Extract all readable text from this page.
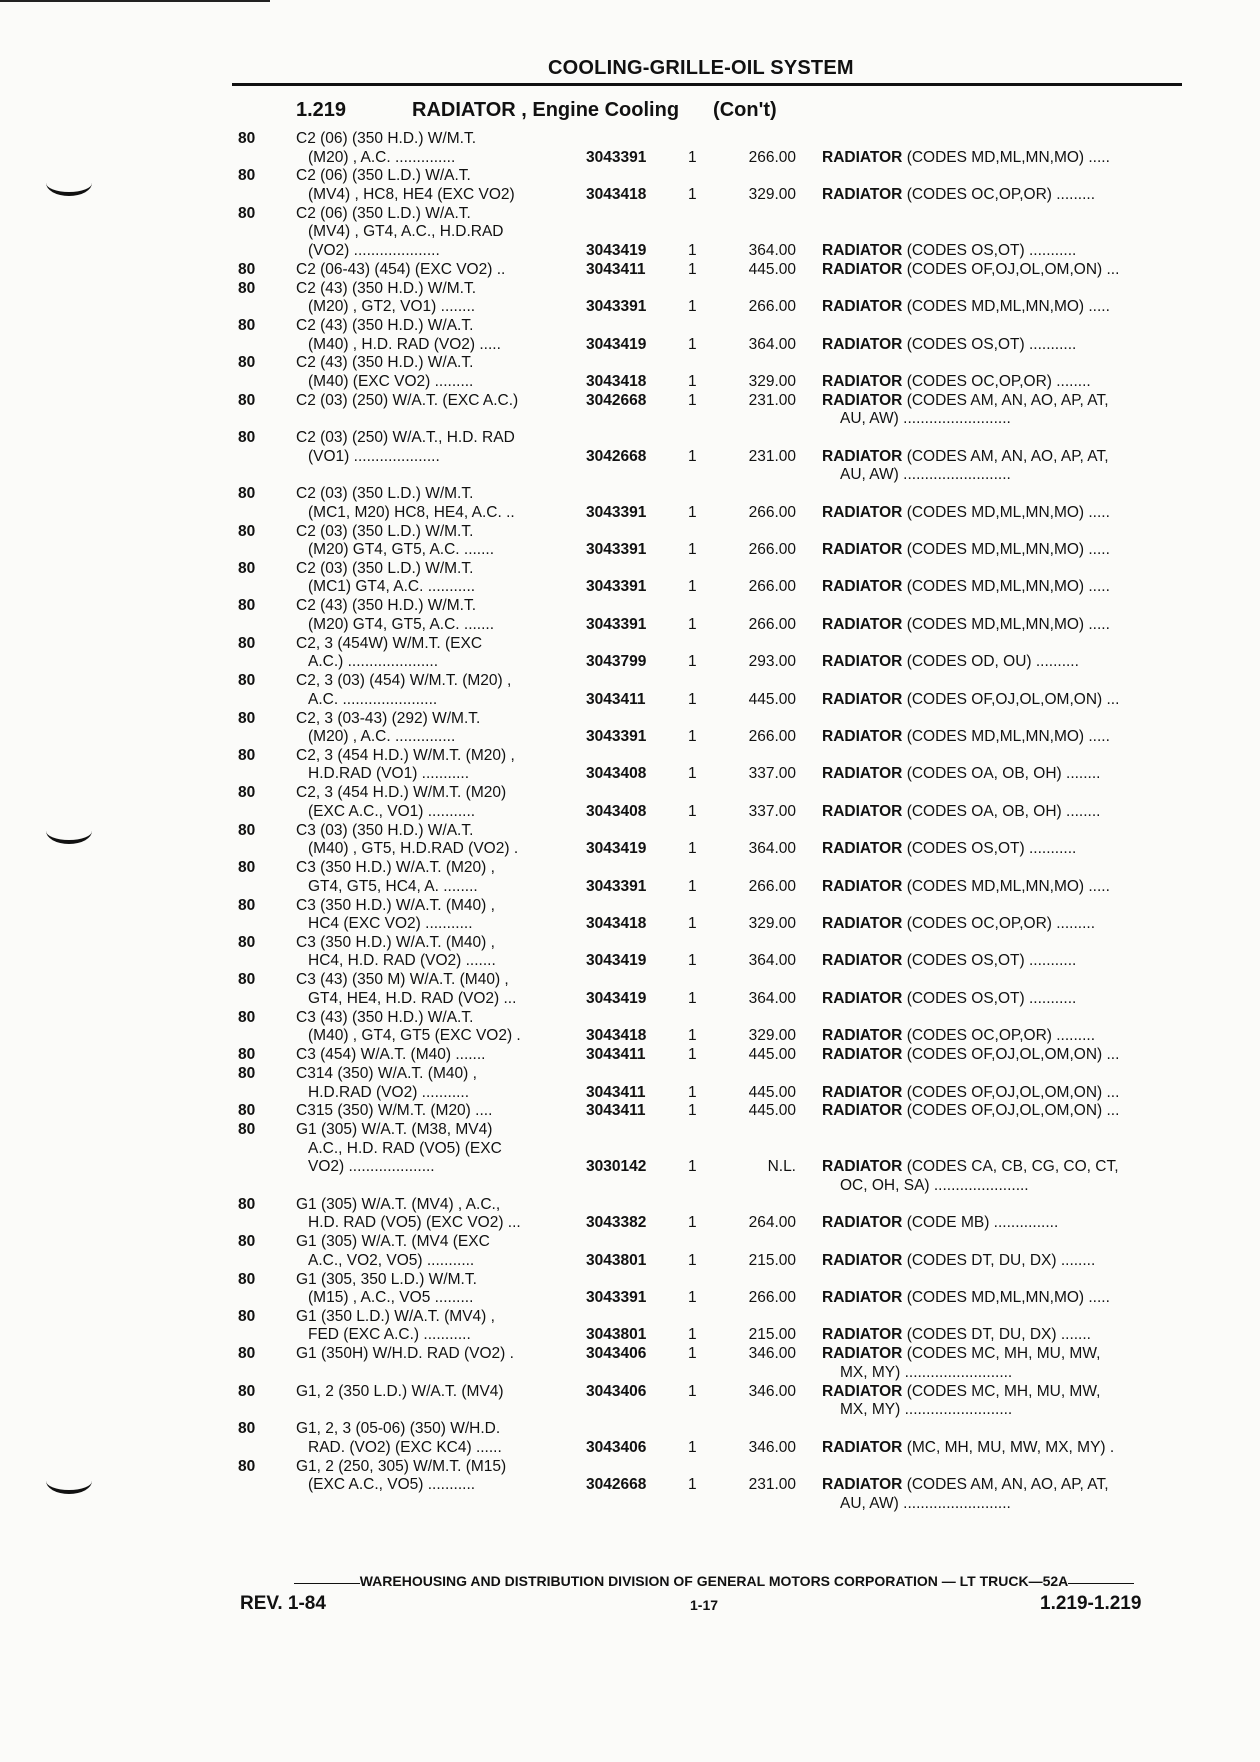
COOLING-GRILLE-OIL SYSTEM
1.219	RADIATOR , Engine Cooling (Con't)
80	C2 (06) (350 H.D.) W/M.T.
(M20) , A.C. ..............	3043391	1	266.00 RADIATOR (CODES MD,ML,MN,MO) .....
80	C2 (06) (350 L.D.) W/A.T.
(MV4) , HC8, HE4 (EXC VO2)	3043418	1	329.00 RADIATOR (CODES OC,OP,OR) .........
80	C2 (06) (350 L.D.) W/A.T.
(MV4) , GT4, A.C., H.D.RAD
(VO2) ....................	3043419	1	364.00 RADIATOR (CODES OS,OT) ...........
80	C2 (06-43) (454) (EXC VO2) ..	3043411	1	445.00 RADIATOR (CODES OF,OJ,OL,OM,ON) ...
80	C2 (43) (350 H.D.) W/M.T.
(M20) , GT2, VO1) ........	3043391	1	266.00 RADIATOR (CODES MD,ML,MN,MO) .....
80	C2 (43) (350 H.D.) W/A.T.
(M40) , H.D. RAD (VO2) .....	3043419	1	364.00 RADIATOR (CODES OS,OT) ...........
80	C2 (43) (350 H.D.) W/A.T.
(M40) (EXC VO2) .........	3043418	1	329.00 RADIATOR (CODES OC,OP,OR) ........
80	C2 (03) (250) W/A.T. (EXC A.C.)	3042668	1	231.00 RADIATOR (CODES AM, AN, AO, AP, AT,
AU, AW) .........................
80	C2 (03) (250) W/A.T., H.D. RAD
(VO1) ....................	3042668	1	231.00 RADIATOR (CODES AM, AN, AO, AP, AT,
AU, AW) .........................
80	C2 (03) (350 L.D.) W/M.T.
(MC1, M20) HC8, HE4, A.C. ..	3043391	1	266.00 RADIATOR (CODES MD,ML,MN,MO) .....
80	C2 (03) (350 L.D.) W/M.T.
(M20) GT4, GT5, A.C. .......	3043391	1	266.00 RADIATOR (CODES MD,ML,MN,MO) .....
80	C2 (03) (350 L.D.) W/M.T.
(MC1) GT4, A.C. ...........	3043391	1	266.00 RADIATOR (CODES MD,ML,MN,MO) .....
80	C2 (43) (350 H.D.) W/M.T.
(M20) GT4, GT5, A.C. .......	3043391	1	266.00 RADIATOR (CODES MD,ML,MN,MO) .....
80	C2, 3 (454W) W/M.T. (EXC
A.C.) .....................	3043799	1	293.00 RADIATOR (CODES OD, OU) ..........
80	C2, 3 (03) (454) W/M.T. (M20) ,
A.C. ......................	3043411	1	445.00 RADIATOR (CODES OF,OJ,OL,OM,ON) ...
80	C2, 3 (03-43) (292) W/M.T.
(M20) , A.C. ..............	3043391	1	266.00 RADIATOR (CODES MD,ML,MN,MO) .....
80	C2, 3 (454 H.D.) W/M.T. (M20) ,
H.D.RAD (VO1) ...........	3043408	1	337.00 RADIATOR (CODES OA, OB, OH) ........
80	C2, 3 (454 H.D.) W/M.T. (M20)
(EXC A.C., VO1) ...........	3043408	1	337.00 RADIATOR (CODES OA, OB, OH) ........
80	C3 (03) (350 H.D.) W/A.T.
(M40) , GT5, H.D.RAD (VO2) .	3043419	1	364.00 RADIATOR (CODES OS,OT) ...........
80	C3 (350 H.D.) W/A.T. (M20) ,
GT4, GT5, HC4, A. ........	3043391	1	266.00 RADIATOR (CODES MD,ML,MN,MO) .....
80	C3 (350 H.D.) W/A.T. (M40) ,
HC4 (EXC VO2) ...........	3043418	1	329.00 RADIATOR (CODES OC,OP,OR) .........
80	C3 (350 H.D.) W/A.T. (M40) ,
HC4, H.D. RAD (VO2) .......	3043419	1	364.00 RADIATOR (CODES OS,OT) ...........
80	C3 (43) (350 M) W/A.T. (M40) ,
GT4, HE4, H.D. RAD (VO2) ...	3043419	1	364.00 RADIATOR (CODES OS,OT) ...........
80	C3 (43) (350 H.D.) W/A.T.
(M40) , GT4, GT5 (EXC VO2) .	3043418	1	329.00 RADIATOR (CODES OC,OP,OR) .........
80	C3 (454) W/A.T. (M40) .......	3043411	1	445.00 RADIATOR (CODES OF,OJ,OL,OM,ON) ...
80	C314 (350) W/A.T. (M40) ,
H.D.RAD (VO2) ...........	3043411	1	445.00 RADIATOR (CODES OF,OJ,OL,OM,ON) ...
80	C315 (350) W/M.T. (M20) ....	3043411	1	445.00 RADIATOR (CODES OF,OJ,OL,OM,ON) ...
80	G1 (305) W/A.T. (M38, MV4)
A.C., H.D. RAD (VO5) (EXC
VO2) ....................	3030142	1	N.L. RADIATOR (CODES CA, CB, CG, CO, CT,
OC, OH, SA) ......................
80	G1 (305) W/A.T. (MV4) , A.C.,
H.D. RAD (VO5) (EXC VO2) ...	3043382	1	264.00 RADIATOR (CODE MB) ...............
80	G1 (305) W/A.T. (MV4 (EXC
A.C., VO2, VO5) ...........	3043801	1	215.00 RADIATOR (CODES DT, DU, DX) ........
80	G1 (305, 350 L.D.) W/M.T.
(M15) , A.C., VO5 .........	3043391	1	266.00 RADIATOR (CODES MD,ML,MN,MO) .....
80	G1 (350 L.D.) W/A.T. (MV4) ,
FED (EXC A.C.) ...........	3043801	1	215.00 RADIATOR (CODES DT, DU, DX) .......
80	G1 (350H) W/H.D. RAD (VO2) .	3043406	1	346.00 RADIATOR (CODES MC, MH, MU, MW,
MX, MY) .........................
80	G1, 2 (350 L.D.) W/A.T. (MV4)	3043406	1	346.00 RADIATOR (CODES MC, MH, MU, MW,
MX, MY) .........................
80	G1, 2, 3 (05-06) (350) W/H.D.
RAD. (VO2) (EXC KC4) ......	3043406	1	346.00 RADIATOR (MC, MH, MU, MW, MX, MY) .
80	G1, 2 (250, 305) W/M.T. (M15)
(EXC A.C., VO5) ...........	3042668	1	231.00 RADIATOR (CODES AM, AN, AO, AP, AT,
AU, AW) .........................
WAREHOUSING AND DISTRIBUTION DIVISION OF GENERAL MOTORS CORPORATION — LT TRUCK—52A
REV. 1-84	1-17	1.219-1.219
